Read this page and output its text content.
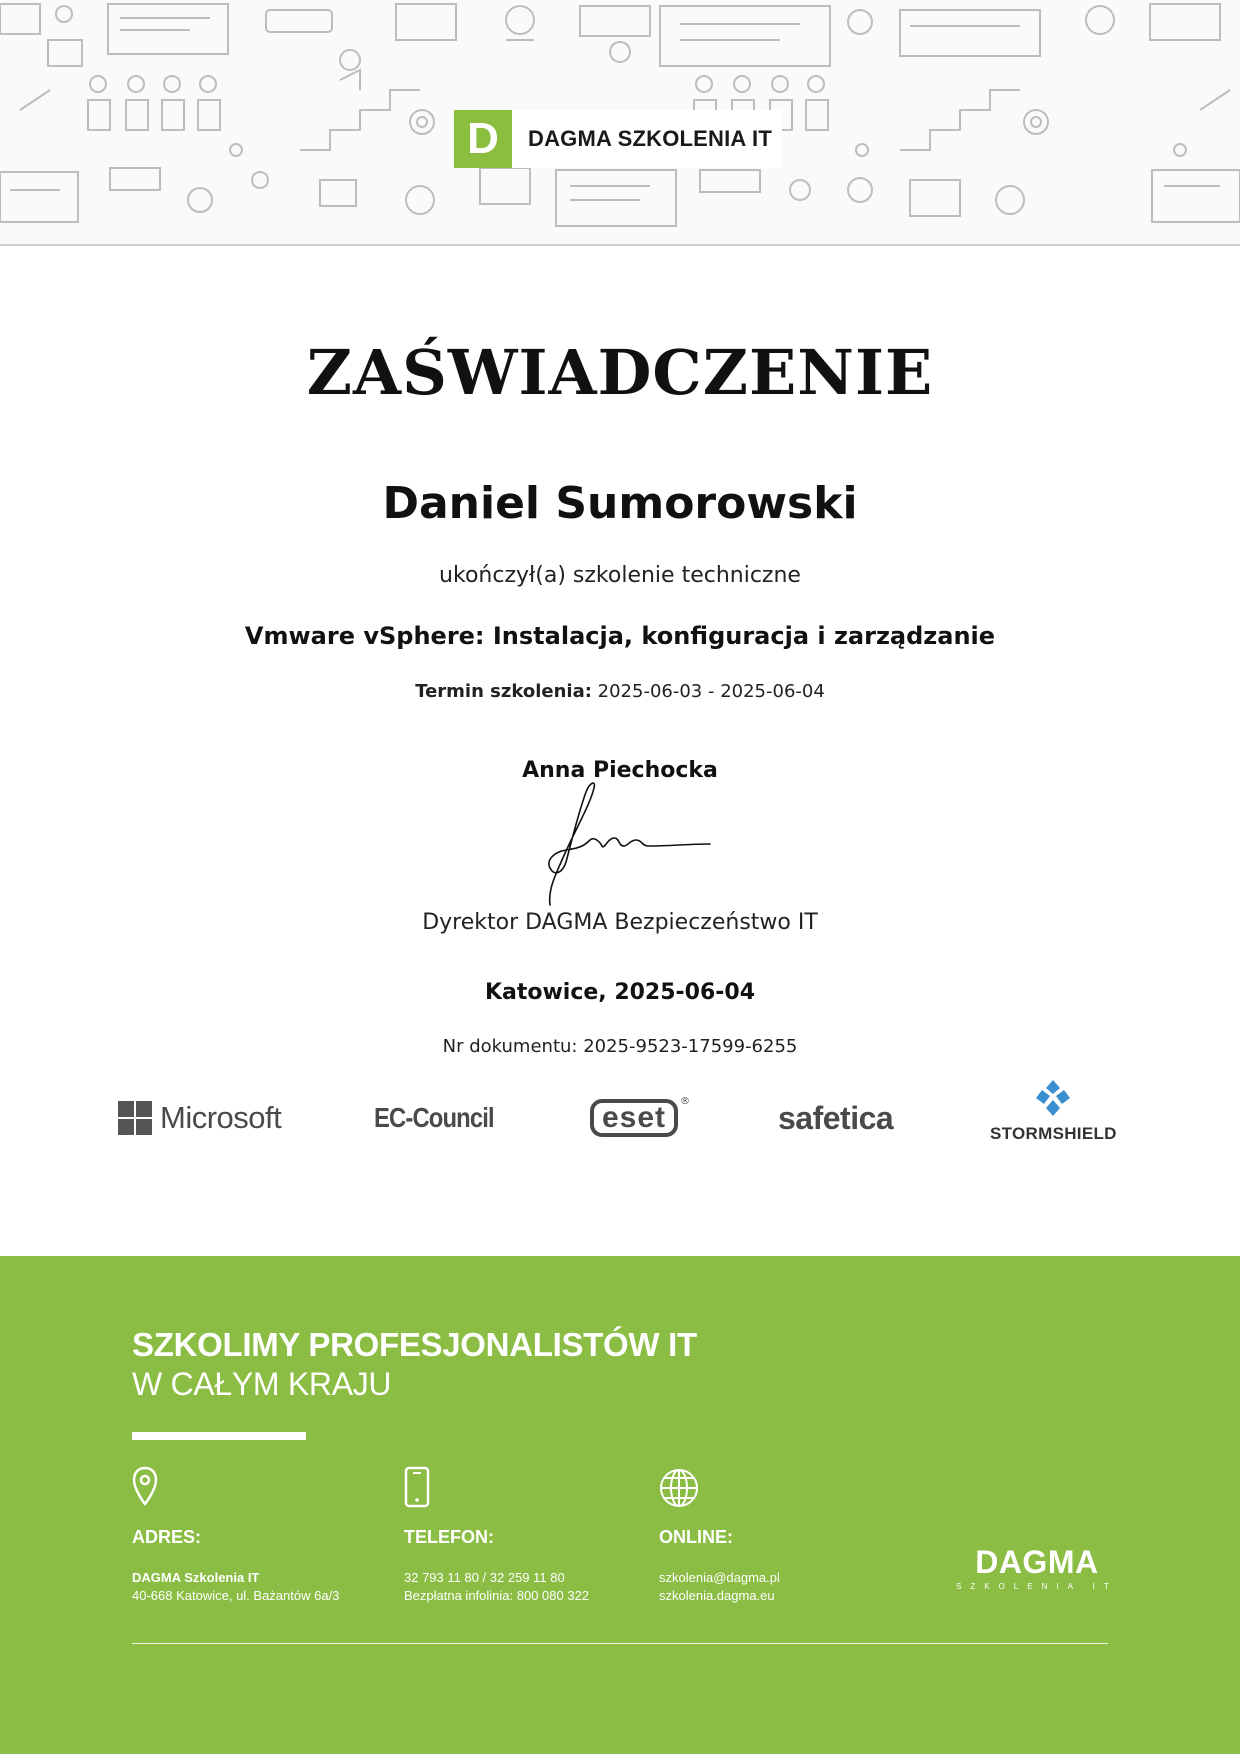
D DAGMA SZKOLENIA IT
ZAŚWIADCZENIE
Daniel Sumorowski
ukończył(a) szkolenie techniczne
Vmware vSphere: Instalacja, konfiguracja i zarządzanie
Termin szkolenia: 2025-06-03 - 2025-06-04
Anna Piechocka
Dyrektor DAGMA Bezpieczeństwo IT
Katowice, 2025-06-04
Nr dokumentu: 2025-9523-17599-6255
Microsoft	EC-Council	eset	®	safetica	STORMSHIELD
SZKOLIMY PROFESJONALISTÓW IT
W CAŁYM KRAJU
ADRES:
DAGMA Szkolenia IT
40-668 Katowice, ul. Bażantów 6a/3
TELEFON:
32 793 11 80 / 32 259 11 80
Bezpłatna infolinia: 800 080 322
ONLINE:
szkolenia@dagma.pl
szkolenia.dagma.eu
DAGMA
SZKOLENIA IT
